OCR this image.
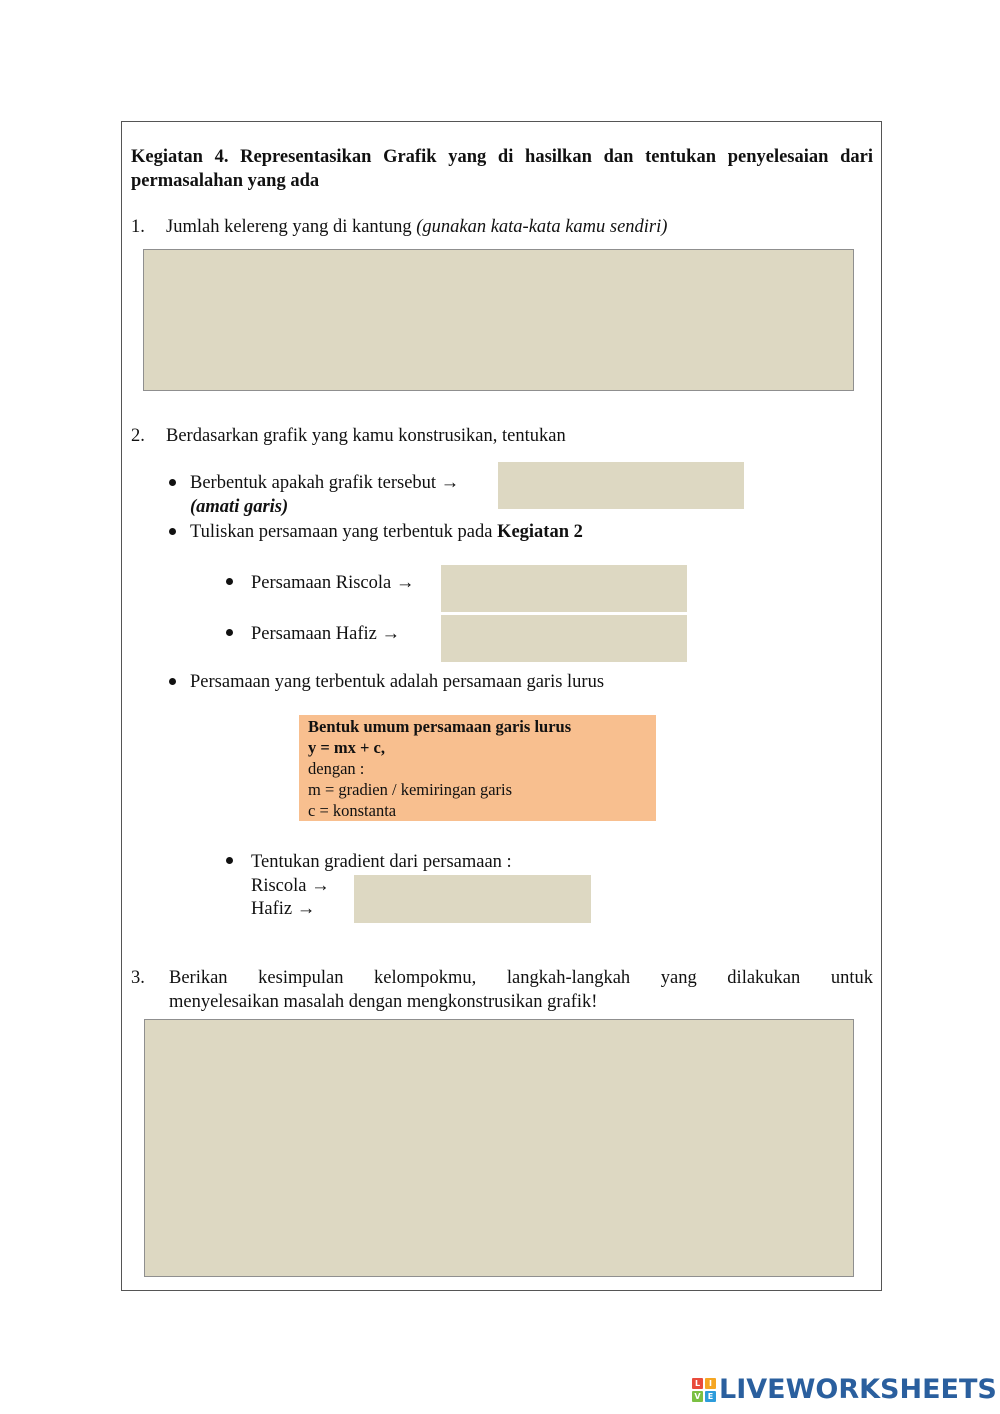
Kegiatan 4. Representasikan Grafik yang di hasilkan dan tentukan penyelesaian dari permasalahan yang ada
1. Jumlah kelereng yang di kantung (gunakan kata-kata kamu sendiri)
2. Berdasarkan grafik yang kamu konstrusikan, tentukan
Berbentuk apakah grafik tersebut →
(amati garis)
Tuliskan persamaan yang terbentuk pada Kegiatan 2
Persamaan Riscola →
Persamaan Hafiz →
Persamaan yang terbentuk adalah persamaan garis lurus
Bentuk umum persamaan garis lurus
y = mx + c,
dengan :
m = gradien / kemiringan garis
c = konstanta
Tentukan gradient dari persamaan :
Riscola →
Hafiz →
3. Berikan kesimpulan kelompokmu, langkah-langkah yang dilakukan untuk
menyelesaikan masalah dengan mengkonstrusikan grafik!
L	I
V E LIVEWORKSHEETS
